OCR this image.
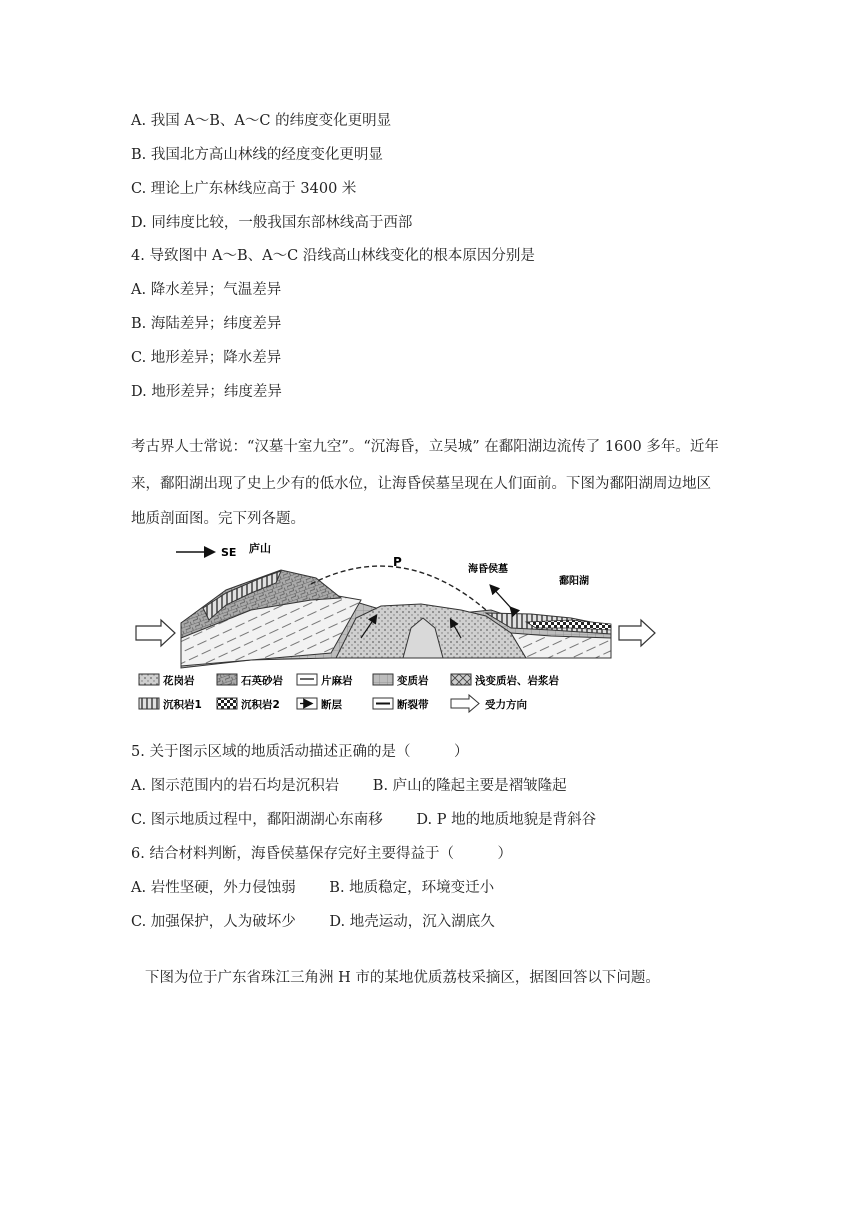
A. 我国 A～B、A～C 的纬度变化更明显
B. 我国北方高山林线的经度变化更明显
C. 理论上广东林线应高于 3400 米
D. 同纬度比较，一般我国东部林线高于西部
4. 导致图中 A～B、A～C 沿线高山林线变化的根本原因分别是
A. 降水差异；气温差异
B. 海陆差异；纬度差异
C. 地形差异；降水差异
D. 地形差异；纬度差异
考古界人士常说：“汉墓十室九空”。“沉海昏，立吴城” 在鄱阳湖边流传了 1600 多年。近年
来，鄱阳湖出现了史上少有的低水位，让海昏侯墓呈现在人们面前。下图为鄱阳湖周边地区
地质剖面图。完下列各题。
SE 庐山
P
海昏侯墓
鄱阳湖
花岗岩	石英砂岩	片麻岩	变质岩	浅变质岩、岩浆岩
沉积岩1	沉积岩2	断层	断裂带	受力方向
5. 关于图示区域的地质活动描述正确的是（　　　）
A. 图示范围内的岩石均是沉积岩　　 B. 庐山的隆起主要是褶皱隆起
C. 图示地质过程中，鄱阳湖湖心东南移　　 D. P 地的地质地貌是背斜谷
6. 结合材料判断，海昏侯墓保存完好主要得益于（　　　）
A. 岩性坚硬，外力侵蚀弱　　 B. 地质稳定，环境变迁小
C. 加强保护，人为破坏少　　 D. 地壳运动，沉入湖底久
下图为位于广东省珠江三角洲 H 市的某地优质荔枝采摘区，据图回答以下问题。
